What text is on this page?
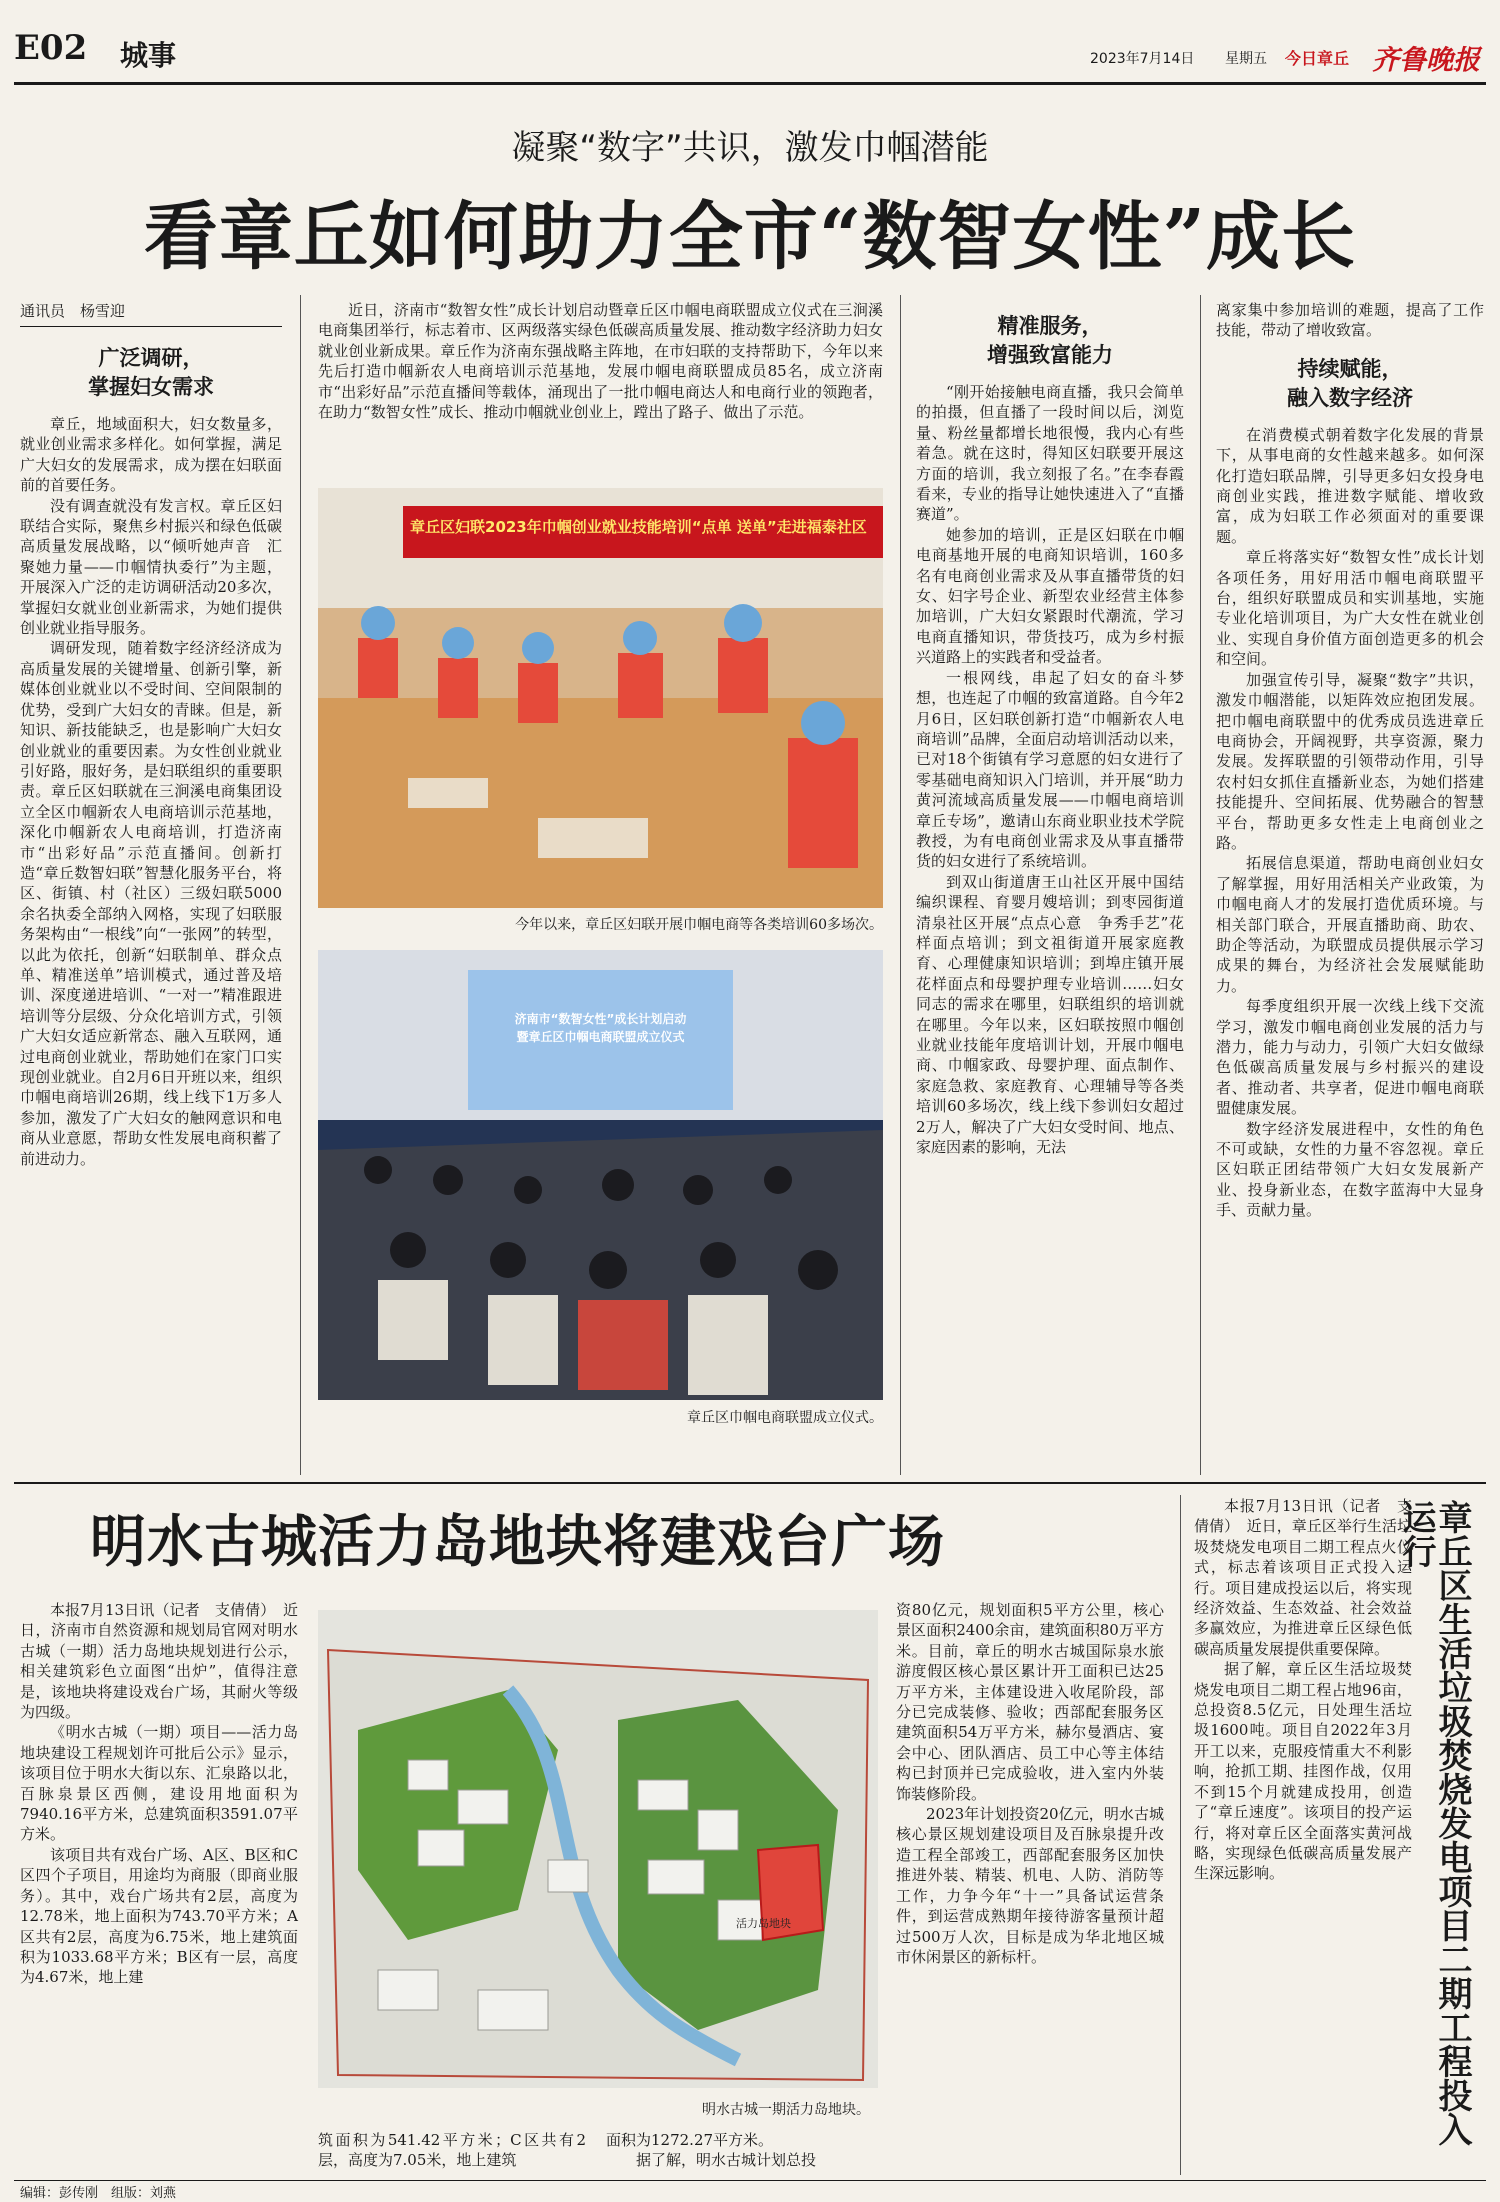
E02 城事	2023年7月14日 星期五 今日章丘 齐鲁晚报
凝聚“数字”共识，激发巾帼潜能
看章丘如何助力全市“数智女性”成长
通讯员　杨雪迎
广泛调研，
掌握妇女需求

章丘，地域面积大，妇女数量多，就业创业需求多样化。如何掌握，满足广大妇女的发展需求，成为摆在妇联面前的首要任务。

没有调查就没有发言权。章丘区妇联结合实际，聚焦乡村振兴和绿色低碳高质量发展战略，以“倾听她声音　汇聚她力量——巾帼情执委行”为主题，开展深入广泛的走访调研活动20多次，掌握妇女就业创业新需求，为她们提供创业就业指导服务。

调研发现，随着数字经济经济成为高质量发展的关键增量、创新引擎，新媒体创业就业以不受时间、空间限制的优势，受到广大妇女的青睐。但是，新知识、新技能缺乏，也是影响广大妇女创业就业的重要因素。为女性创业就业引好路，服好务，是妇联组织的重要职责。章丘区妇联就在三涧溪电商集团设立全区巾帼新农人电商培训示范基地，深化巾帼新农人电商培训，打造济南市“出彩好品”示范直播间。创新打造“章丘数智妇联”智慧化服务平台，将区、街镇、村（社区）三级妇联5000余名执委全部纳入网格，实现了妇联服务架构由“一根线”向“一张网”的转型，以此为依托，创新“妇联制单、群众点单、精准送单”培训模式，通过普及培训、深度递进培训、“一对一”精准跟进培训等分层级、分众化培训方式，引领广大妇女适应新常态、融入互联网，通过电商创业就业，帮助她们在家门口实现创业就业。自2月6日开班以来，组织巾帼电商培训26期，线上线下1万多人参加，激发了广大妇女的触网意识和电商从业意愿，帮助女性发展电商积蓄了前进动力。

近日，济南市“数智女性”成长计划启动暨章丘区巾帼电商联盟成立仪式在三涧溪电商集团举行，标志着市、区两级落实绿色低碳高质量发展、推动数字经济助力妇女就业创业新成果。章丘作为济南东强战略主阵地，在市妇联的支持帮助下，今年以来先后打造巾帼新农人电商培训示范基地，发展巾帼电商联盟成员85名，成立济南市“出彩好品”示范直播间等载体，涌现出了一批巾帼电商达人和电商行业的领跑者，在助力“数智女性”成长、推动巾帼就业创业上，蹚出了路子、做出了示范。

章丘区妇联2023年巾帼创业就业技能培训“点单 送单”走进福泰社区
今年以来，章丘区妇联开展巾帼电商等各类培训60多场次。
济南市“数智女性”成长计划启动
暨章丘区巾帼电商联盟成立仪式
章丘区巾帼电商联盟成立仪式。
精准服务，
增强致富能力

“刚开始接触电商直播，我只会简单的拍摄，但直播了一段时间以后，浏览量、粉丝量都增长地很慢，我内心有些着急。就在这时，得知区妇联要开展这方面的培训，我立刻报了名。”在李春霞看来，专业的指导让她快速进入了“直播赛道”。

她参加的培训，正是区妇联在巾帼电商基地开展的电商知识培训，160多名有电商创业需求及从事直播带货的妇女、妇字号企业、新型农业经营主体参加培训，广大妇女紧跟时代潮流，学习电商直播知识，带货技巧，成为乡村振兴道路上的实践者和受益者。

一根网线，串起了妇女的奋斗梦想，也连起了巾帼的致富道路。自今年2月6日，区妇联创新打造“巾帼新农人电商培训”品牌，全面启动培训活动以来，已对18个街镇有学习意愿的妇女进行了零基础电商知识入门培训，并开展“助力黄河流域高质量发展——巾帼电商培训章丘专场”，邀请山东商业职业技术学院教授，为有电商创业需求及从事直播带货的妇女进行了系统培训。

到双山街道唐王山社区开展中国结编织课程、育婴月嫂培训；到枣园街道清泉社区开展“点点心意　争秀手艺”花样面点培训；到文祖街道开展家庭教育、心理健康知识培训；到埠庄镇开展花样面点和母婴护理专业培训……妇女同志的需求在哪里，妇联组织的培训就在哪里。今年以来，区妇联按照巾帼创业就业技能年度培训计划，开展巾帼电商、巾帼家政、母婴护理、面点制作、家庭急救、家庭教育、心理辅导等各类培训60多场次，线上线下参训妇女超过2万人，解决了广大妇女受时间、地点、家庭因素的影响，无法

离家集中参加培训的难题，提高了工作技能，带动了增收致富。

持续赋能，
融入数字经济

在消费模式朝着数字化发展的背景下，从事电商的女性越来越多。如何深化打造妇联品牌，引导更多妇女投身电商创业实践，推进数字赋能、增收致富，成为妇联工作必须面对的重要课题。

章丘将落实好“数智女性”成长计划各项任务，用好用活巾帼电商联盟平台，组织好联盟成员和实训基地，实施专业化培训项目，为广大女性在就业创业、实现自身价值方面创造更多的机会和空间。

加强宣传引导，凝聚“数字”共识，激发巾帼潜能，以矩阵效应抱团发展。把巾帼电商联盟中的优秀成员选进章丘电商协会，开阔视野，共享资源，聚力发展。发挥联盟的引领带动作用，引导农村妇女抓住直播新业态，为她们搭建技能提升、空间拓展、优势融合的智慧平台，帮助更多女性走上电商创业之路。

拓展信息渠道，帮助电商创业妇女了解掌握，用好用活相关产业政策，为巾帼电商人才的发展打造优质环境。与相关部门联合，开展直播助商、助农、助企等活动，为联盟成员提供展示学习成果的舞台，为经济社会发展赋能助力。

每季度组织开展一次线上线下交流学习，激发巾帼电商创业发展的活力与潜力，能力与动力，引领广大妇女做绿色低碳高质量发展与乡村振兴的建设者、推动者、共享者，促进巾帼电商联盟健康发展。

数字经济发展进程中，女性的角色不可或缺，女性的力量不容忽视。章丘区妇联正团结带领广大妇女发展新产业、投身新业态，在数字蓝海中大显身手、贡献力量。

明水古城活力岛地块将建戏台广场

本报7月13日讯（记者　支倩倩）　近日，济南市自然资源和规划局官网对明水古城（一期）活力岛地块规划进行公示，相关建筑彩色立面图“出炉”，值得注意是，该地块将建设戏台广场，其耐火等级为四级。

《明水古城（一期）项目——活力岛地块建设工程规划许可批后公示》显示，该项目位于明水大街以东、汇泉路以北，百脉泉景区西侧，建设用地面积为7940.16平方米，总建筑面积3591.07平方米。

该项目共有戏台广场、A区、B区和C区四个子项目，用途均为商服（即商业服务）。其中，戏台广场共有2层，高度为12.78米，地上面积为743.70平方米；A区共有2层，高度为6.75米，地上建筑面积为1033.68平方米；B区有一层，高度为4.67米，地上建

活力岛地块
明水古城一期活力岛地块。

筑面积为541.42平方米；C区共有2层，高度为7.05米，地上建筑

面积为1272.27平方米。
　　据了解，明水古城计划总投

资80亿元，规划面积5平方公里，核心景区面积2400余亩，建筑面积80万平方米。目前，章丘的明水古城国际泉水旅游度假区核心景区累计开工面积已达25万平方米，主体建设进入收尾阶段，部分已完成装修、验收；西部配套服务区建筑面积54万平方米，赫尔曼酒店、宴会中心、团队酒店、员工中心等主体结构已封顶并已完成验收，进入室内外装饰装修阶段。

2023年计划投资20亿元，明水古城核心景区规划建设项目及百脉泉提升改造工程全部竣工，西部配套服务区加快推进外装、精装、机电、人防、消防等工作，力争今年“十一”具备试运营条件，到运营成熟期年接待游客量预计超过500万人次，目标是成为华北地区城市休闲景区的新标杆。

本报7月13日讯（记者　支倩倩）　近日，章丘区举行生活垃圾焚烧发电项目二期工程点火仪式，标志着该项目正式投入运行。项目建成投运以后，将实现经济效益、生态效益、社会效益多赢效应，为推进章丘区绿色低碳高质量发展提供重要保障。

据了解，章丘区生活垃圾焚烧发电项目二期工程占地96亩，总投资8.5亿元，日处理生活垃圾1600吨。项目自2022年3月开工以来，克服疫情重大不利影响，抢抓工期、挂图作战，仅用不到15个月就建成投用，创造了“章丘速度”。该项目的投产运行，将对章丘区全面落实黄河战略，实现绿色低碳高质量发展产生深远影响。	章丘区生活垃圾焚烧发电项目二期工程投入运行
编辑：彭传刚　组版：刘燕
